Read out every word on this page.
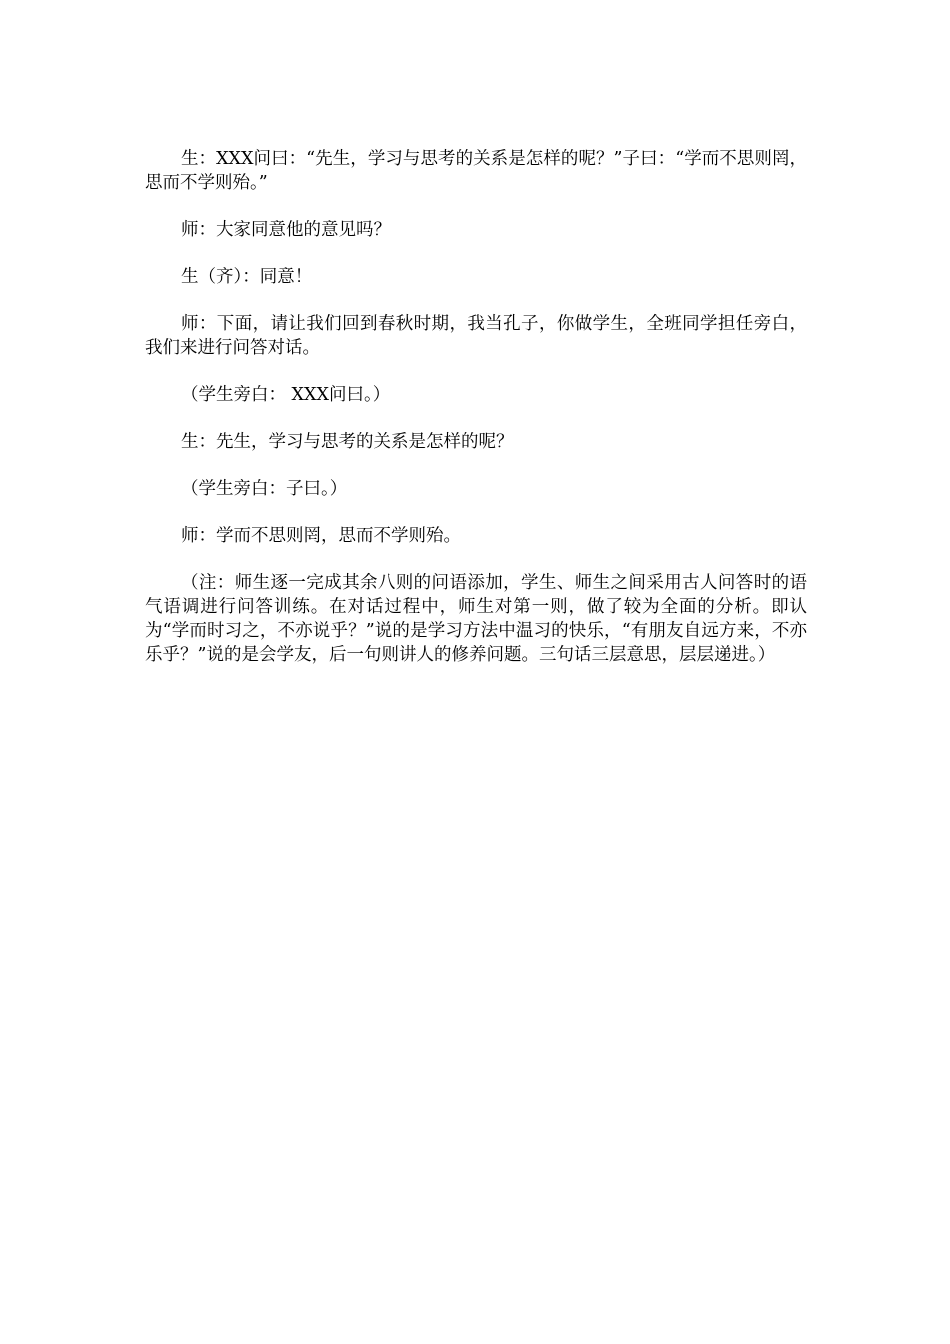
生：XXX问曰：“先生，学习与思考的关系是怎样的呢？”子曰：“学而不思则罔，思而不学则殆。”

师：大家同意他的意见吗？

生（齐）：同意！

师：下面，请让我们回到春秋时期，我当孔子，你做学生，全班同学担任旁白，我们来进行问答对话。

（学生旁白： XXX问曰。）

生：先生，学习与思考的关系是怎样的呢？

（学生旁白：子曰。）

师：学而不思则罔，思而不学则殆。

（注：师生逐一完成其余八则的问语添加，学生、师生之间采用古人问答时的语气语调进行问答训练。在对话过程中，师生对第一则，做了较为全面的分析。即认为“学而时习之，不亦说乎？”说的是学习方法中温习的快乐，“有朋友自远方来，不亦乐乎？”说的是会学友，后一句则讲人的修养问题。三句话三层意思，层层递进。）
